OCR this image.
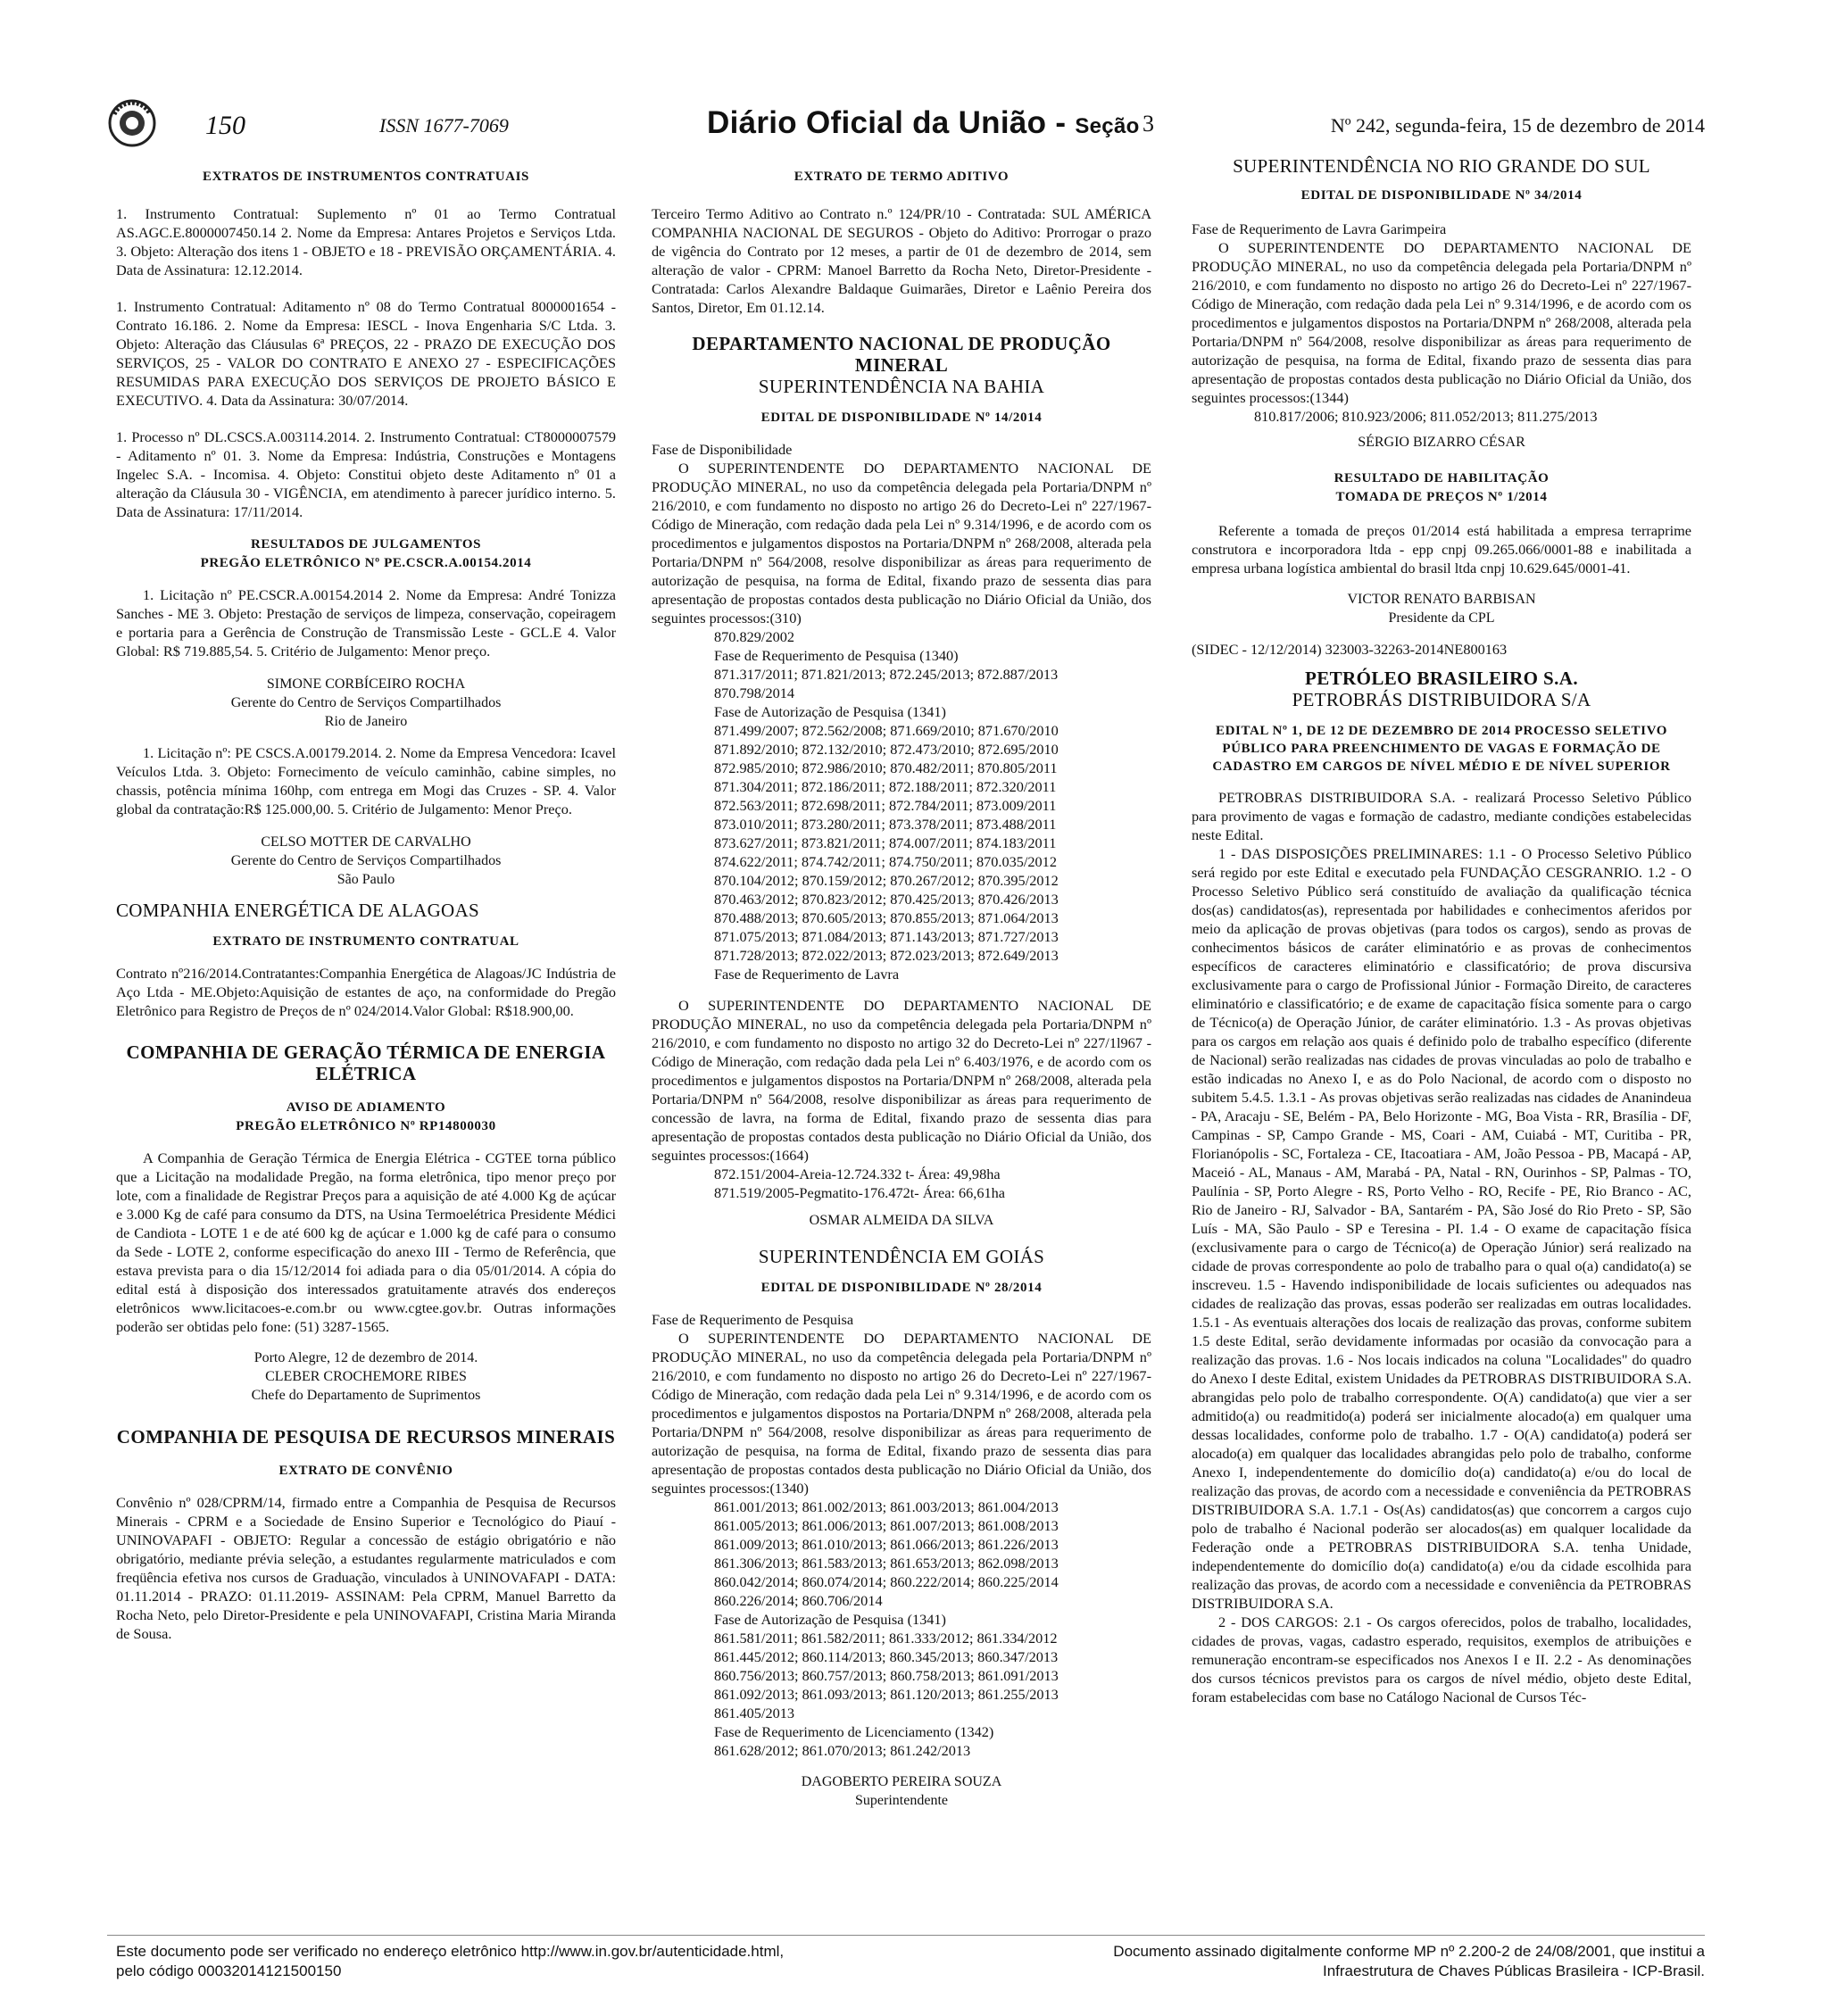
150	ISSN 1677-7069	Diário Oficial da União - Seção 3	Nº 242, segunda-feira, 15 de dezembro de 2014
EXTRATOS DE INSTRUMENTOS CONTRATUAIS

1. Instrumento Contratual: Suplemento nº 01 ao Termo Contratual AS.AGC.E.8000007450.14 2. Nome da Empresa: Antares Projetos e Serviços Ltda. 3. Objeto: Alteração dos itens 1 - OBJETO e 18 - PREVISÃO ORÇAMENTÁRIA. 4. Data de Assinatura: 12.12.2014.

1. Instrumento Contratual: Aditamento nº 08 do Termo Contratual 8000001654 - Contrato 16.186. 2. Nome da Empresa: IESCL - Inova Engenharia S/C Ltda. 3. Objeto: Alteração das Cláusulas 6ª PREÇOS, 22 - PRAZO DE EXECUÇÃO DOS SERVIÇOS, 25 - VALOR DO CONTRATO E ANEXO 27 - ESPECIFICAÇÕES RESUMIDAS PARA EXECUÇÃO DOS SERVIÇOS DE PROJETO BÁSICO E EXECUTIVO. 4. Data da Assinatura: 30/07/2014.

1. Processo nº DL.CSCS.A.003114.2014. 2. Instrumento Contratual: CT8000007579 - Aditamento nº 01. 3. Nome da Empresa: Indústria, Construções e Montagens Ingelec S.A. - Incomisa. 4. Objeto: Constitui objeto deste Aditamento nº 01 a alteração da Cláusula 30 - VIGÊNCIA, em atendimento à parecer jurídico interno. 5. Data de Assinatura: 17/11/2014.

RESULTADOS DE JULGAMENTOS
PREGÃO ELETRÔNICO Nº PE.CSCR.A.00154.2014

1. Licitação nº PE.CSCR.A.00154.2014 2. Nome da Empresa: André Tonizza Sanches - ME 3. Objeto: Prestação de serviços de limpeza, conservação, copeiragem e portaria para a Gerência de Construção de Transmissão Leste - GCL.E 4. Valor Global: R$ 719.885,54. 5. Critério de Julgamento: Menor preço.

SIMONE CORBÍCEIRO ROCHA
Gerente do Centro de Serviços Compartilhados
Rio de Janeiro

1. Licitação nº: PE CSCS.A.00179.2014. 2. Nome da Empresa Vencedora: Icavel Veículos Ltda. 3. Objeto: Fornecimento de veículo caminhão, cabine simples, no chassis, potência mínima 160hp, com entrega em Mogi das Cruzes - SP. 4. Valor global da contratação:R$ 125.000,00. 5. Critério de Julgamento: Menor Preço.

CELSO MOTTER DE CARVALHO
Gerente do Centro de Serviços Compartilhados
São Paulo
COMPANHIA ENERGÉTICA DE ALAGOAS
EXTRATO DE INSTRUMENTO CONTRATUAL

Contrato nº216/2014.Contratantes:Companhia Energética de Alagoas/JC Indústria de Aço Ltda - ME.Objeto:Aquisição de estantes de aço, na conformidade do Pregão Eletrônico para Registro de Preços de nº 024/2014.Valor Global: R$18.900,00.

COMPANHIA DE GERAÇÃO TÉRMICA DE ENERGIA ELÉTRICA
AVISO DE ADIAMENTO
PREGÃO ELETRÔNICO Nº RP14800030

A Companhia de Geração Térmica de Energia Elétrica - CGTEE torna público que a Licitação na modalidade Pregão, na forma eletrônica, tipo menor preço por lote, com a finalidade de Registrar Preços para a aquisição de até 4.000 Kg de açúcar e 3.000 Kg de café para consumo da DTS, na Usina Termoelétrica Presidente Médici de Candiota - LOTE 1 e de até 600 kg de açúcar e 1.000 kg de café para o consumo da Sede - LOTE 2, conforme especificação do anexo III - Termo de Referência, que estava prevista para o dia 15/12/2014 foi adiada para o dia 05/01/2014. A cópia do edital está à disposição dos interessados gratuitamente através dos endereços eletrônicos www.licitacoes-e.com.br ou www.cgtee.gov.br. Outras informações poderão ser obtidas pelo fone: (51) 3287-1565.

Porto Alegre, 12 de dezembro de 2014.
CLEBER CROCHEMORE RIBES
Chefe do Departamento de Suprimentos
COMPANHIA DE PESQUISA DE RECURSOS MINERAIS
EXTRATO DE CONVÊNIO

Convênio nº 028/CPRM/14, firmado entre a Companhia de Pesquisa de Recursos Minerais - CPRM e a Sociedade de Ensino Superior e Tecnológico do Piauí - UNINOVAPAFI - OBJETO: Regular a concessão de estágio obrigatório e não obrigatório, mediante prévia seleção, a estudantes regularmente matriculados e com freqüência efetiva nos cursos de Graduação, vinculados à UNINOVAFAPI - DATA: 01.11.2014 - PRAZO: 01.11.2019- ASSINAM: Pela CPRM, Manuel Barretto da Rocha Neto, pelo Diretor-Presidente e pela UNINOVAFAPI, Cristina Maria Miranda de Sousa.

EXTRATO DE TERMO ADITIVO

Terceiro Termo Aditivo ao Contrato n.º 124/PR/10 - Contratada: SUL AMÉRICA COMPANHIA NACIONAL DE SEGUROS - Objeto do Aditivo: Prorrogar o prazo de vigência do Contrato por 12 meses, a partir de 01 de dezembro de 2014, sem alteração de valor - CPRM: Manoel Barretto da Rocha Neto, Diretor-Presidente - Contratada: Carlos Alexandre Baldaque Guimarães, Diretor e Laênio Pereira dos Santos, Diretor, Em 01.12.14.

DEPARTAMENTO NACIONAL DE PRODUÇÃO MINERAL
SUPERINTENDÊNCIA NA BAHIA
EDITAL DE DISPONIBILIDADE Nº 14/2014

Fase de Disponibilidade

O SUPERINTENDENTE DO DEPARTAMENTO NACIONAL DE PRODUÇÃO MINERAL, no uso da competência delegada pela Portaria/DNPM nº 216/2010, e com fundamento no disposto no artigo 26 do Decreto-Lei nº 227/1967- Código de Mineração, com redação dada pela Lei nº 9.314/1996, e de acordo com os procedimentos e julgamentos dispostos na Portaria/DNPM nº 268/2008, alterada pela Portaria/DNPM nº 564/2008, resolve disponibilizar as áreas para requerimento de autorização de pesquisa, na forma de Edital, fixando prazo de sessenta dias para apresentação de propostas contados desta publicação no Diário Oficial da União, dos seguintes processos:(310)

870.829/2002
Fase de Requerimento de Pesquisa (1340)
871.317/2011; 871.821/2013; 872.245/2013; 872.887/2013
870.798/2014
Fase de Autorização de Pesquisa (1341)
871.499/2007; 872.562/2008; 871.669/2010; 871.670/2010
871.892/2010; 872.132/2010; 872.473/2010; 872.695/2010
872.985/2010; 872.986/2010; 870.482/2011; 870.805/2011
871.304/2011; 872.186/2011; 872.188/2011; 872.320/2011
872.563/2011; 872.698/2011; 872.784/2011; 873.009/2011
873.010/2011; 873.280/2011; 873.378/2011; 873.488/2011
873.627/2011; 873.821/2011; 874.007/2011; 874.183/2011
874.622/2011; 874.742/2011; 874.750/2011; 870.035/2012
870.104/2012; 870.159/2012; 870.267/2012; 870.395/2012
870.463/2012; 870.823/2012; 870.425/2013; 870.426/2013
870.488/2013; 870.605/2013; 870.855/2013; 871.064/2013
871.075/2013; 871.084/2013; 871.143/2013; 871.727/2013
871.728/2013; 872.022/2013; 872.023/2013; 872.649/2013
Fase de Requerimento de Lavra

O SUPERINTENDENTE DO DEPARTAMENTO NACIONAL DE PRODUÇÃO MINERAL, no uso da competência delegada pela Portaria/DNPM nº 216/2010, e com fundamento no disposto no artigo 32 do Decreto-Lei nº 227/1l967 - Código de Mineração, com redação dada pela Lei nº 6.403/1976, e de acordo com os procedimentos e julgamentos dispostos na Portaria/DNPM nº 268/2008, alterada pela Portaria/DNPM nº 564/2008, resolve disponibilizar as áreas para requerimento de concessão de lavra, na forma de Edital, fixando prazo de sessenta dias para apresentação de propostas contados desta publicação no Diário Oficial da União, dos seguintes processos:(1664)

872.151/2004-Areia-12.724.332 t- Área: 49,98ha
871.519/2005-Pegmatito-176.472t- Área: 66,61ha
OSMAR ALMEIDA DA SILVA
SUPERINTENDÊNCIA EM GOIÁS
EDITAL DE DISPONIBILIDADE Nº 28/2014

Fase de Requerimento de Pesquisa

O SUPERINTENDENTE DO DEPARTAMENTO NACIONAL DE PRODUÇÃO MINERAL, no uso da competência delegada pela Portaria/DNPM nº 216/2010, e com fundamento no disposto no artigo 26 do Decreto-Lei nº 227/1967- Código de Mineração, com redação dada pela Lei nº 9.314/1996, e de acordo com os procedimentos e julgamentos dispostos na Portaria/DNPM nº 268/2008, alterada pela Portaria/DNPM nº 564/2008, resolve disponibilizar as áreas para requerimento de autorização de pesquisa, na forma de Edital, fixando prazo de sessenta dias para apresentação de propostas contados desta publicação no Diário Oficial da União, dos seguintes processos:(1340)

861.001/2013; 861.002/2013; 861.003/2013; 861.004/2013
861.005/2013; 861.006/2013; 861.007/2013; 861.008/2013
861.009/2013; 861.010/2013; 861.066/2013; 861.226/2013
861.306/2013; 861.583/2013; 861.653/2013; 862.098/2013
860.042/2014; 860.074/2014; 860.222/2014; 860.225/2014
860.226/2014; 860.706/2014
Fase de Autorização de Pesquisa (1341)
861.581/2011; 861.582/2011; 861.333/2012; 861.334/2012
861.445/2012; 860.114/2013; 860.345/2013; 860.347/2013
860.756/2013; 860.757/2013; 860.758/2013; 861.091/2013
861.092/2013; 861.093/2013; 861.120/2013; 861.255/2013
861.405/2013
Fase de Requerimento de Licenciamento (1342)
861.628/2012; 861.070/2013; 861.242/2013
DAGOBERTO PEREIRA SOUZA
Superintendente
SUPERINTENDÊNCIA NO RIO GRANDE DO SUL
EDITAL DE DISPONIBILIDADE Nº 34/2014

Fase de Requerimento de Lavra Garimpeira

O SUPERINTENDENTE DO DEPARTAMENTO NACIONAL DE PRODUÇÃO MINERAL, no uso da competência delegada pela Portaria/DNPM nº 216/2010, e com fundamento no disposto no artigo 26 do Decreto-Lei nº 227/1967- Código de Mineração, com redação dada pela Lei nº 9.314/1996, e de acordo com os procedimentos e julgamentos dispostos na Portaria/DNPM nº 268/2008, alterada pela Portaria/DNPM nº 564/2008, resolve disponibilizar as áreas para requerimento de autorização de pesquisa, na forma de Edital, fixando prazo de sessenta dias para apresentação de propostas contados desta publicação no Diário Oficial da União, dos seguintes processos:(1344)

810.817/2006; 810.923/2006; 811.052/2013; 811.275/2013

SÉRGIO BIZARRO CÉSAR
RESULTADO DE HABILITAÇÃO
TOMADA DE PREÇOS Nº 1/2014

Referente a tomada de preços 01/2014 está habilitada a empresa terraprime construtora e incorporadora ltda - epp cnpj 09.265.066/0001-88 e inabilitada a empresa urbana logística ambiental do brasil ltda cnpj 10.629.645/0001-41.

VICTOR RENATO BARBISAN
Presidente da CPL

(SIDEC - 12/12/2014) 323003-32263-2014NE800163

PETRÓLEO BRASILEIRO S.A.
PETROBRÁS DISTRIBUIDORA S/A
EDITAL Nº 1, DE 12 DE DEZEMBRO DE 2014 PROCESSO SELETIVO PÚBLICO PARA PREENCHIMENTO DE VAGAS E FORMAÇÃO DE CADASTRO EM CARGOS DE NÍVEL MÉDIO E DE NÍVEL SUPERIOR

PETROBRAS DISTRIBUIDORA S.A. - realizará Processo Seletivo Público para provimento de vagas e formação de cadastro, mediante condições estabelecidas neste Edital.

1 - DAS DISPOSIÇÕES PRELIMINARES: 1.1 - O Processo Seletivo Público será regido por este Edital e executado pela FUNDAÇÃO CESGRANRIO. 1.2 - O Processo Seletivo Público será constituído de avaliação da qualificação técnica dos(as) candidatos(as), representada por habilidades e conhecimentos aferidos por meio da aplicação de provas objetivas (para todos os cargos), sendo as provas de conhecimentos básicos de caráter eliminatório e as provas de conhecimentos específicos de caracteres eliminatório e classificatório; de prova discursiva exclusivamente para o cargo de Profissional Júnior - Formação Direito, de caracteres eliminatório e classificatório; e de exame de capacitação física somente para o cargo de Técnico(a) de Operação Júnior, de caráter eliminatório. 1.3 - As provas objetivas para os cargos em relação aos quais é definido polo de trabalho específico (diferente de Nacional) serão realizadas nas cidades de provas vinculadas ao polo de trabalho e estão indicadas no Anexo I, e as do Polo Nacional, de acordo com o disposto no subitem 5.4.5. 1.3.1 - As provas objetivas serão realizadas nas cidades de Ananindeua - PA, Aracaju - SE, Belém - PA, Belo Horizonte - MG, Boa Vista - RR, Brasília - DF, Campinas - SP, Campo Grande - MS, Coari - AM, Cuiabá - MT, Curitiba - PR, Florianópolis - SC, Fortaleza - CE, Itacoatiara - AM, João Pessoa - PB, Macapá - AP, Maceió - AL, Manaus - AM, Marabá - PA, Natal - RN, Ourinhos - SP, Palmas - TO, Paulínia - SP, Porto Alegre - RS, Porto Velho - RO, Recife - PE, Rio Branco - AC, Rio de Janeiro - RJ, Salvador - BA, Santarém - PA, São José do Rio Preto - SP, São Luís - MA, São Paulo - SP e Teresina - PI. 1.4 - O exame de capacitação física (exclusivamente para o cargo de Técnico(a) de Operação Júnior) será realizado na cidade de provas correspondente ao polo de trabalho para o qual o(a) candidato(a) se inscreveu. 1.5 - Havendo indisponibilidade de locais suficientes ou adequados nas cidades de realização das provas, essas poderão ser realizadas em outras localidades. 1.5.1 - As eventuais alterações dos locais de realização das provas, conforme subitem 1.5 deste Edital, serão devidamente informadas por ocasião da convocação para a realização das provas. 1.6 - Nos locais indicados na coluna "Localidades" do quadro do Anexo I deste Edital, existem Unidades da PETROBRAS DISTRIBUIDORA S.A. abrangidas pelo polo de trabalho correspondente. O(A) candidato(a) que vier a ser admitido(a) ou readmitido(a) poderá ser inicialmente alocado(a) em qualquer uma dessas localidades, conforme polo de trabalho. 1.7 - O(A) candidato(a) poderá ser alocado(a) em qualquer das localidades abrangidas pelo polo de trabalho, conforme Anexo I, independentemente do domicílio do(a) candidato(a) e/ou do local de realização das provas, de acordo com a necessidade e conveniência da PETROBRAS DISTRIBUIDORA S.A. 1.7.1 - Os(As) candidatos(as) que concorrem a cargos cujo polo de trabalho é Nacional poderão ser alocados(as) em qualquer localidade da Federação onde a PETROBRAS DISTRIBUIDORA S.A. tenha Unidade, independentemente do domicílio do(a) candidato(a) e/ou da cidade escolhida para realização das provas, de acordo com a necessidade e conveniência da PETROBRAS DISTRIBUIDORA S.A.

2 - DOS CARGOS: 2.1 - Os cargos oferecidos, polos de trabalho, localidades, cidades de provas, vagas, cadastro esperado, requisitos, exemplos de atribuições e remuneração encontram-se especificados nos Anexos I e II. 2.2 - As denominações dos cursos técnicos previstos para os cargos de nível médio, objeto deste Edital, foram estabelecidas com base no Catálogo Nacional de Cursos Téc-

Este documento pode ser verificado no endereço eletrônico http://www.in.gov.br/autenticidade.html,
pelo código 00032014121500150
Documento assinado digitalmente conforme MP nº 2.200-2 de 24/08/2001, que institui a
Infraestrutura de Chaves Públicas Brasileira - ICP-Brasil.
